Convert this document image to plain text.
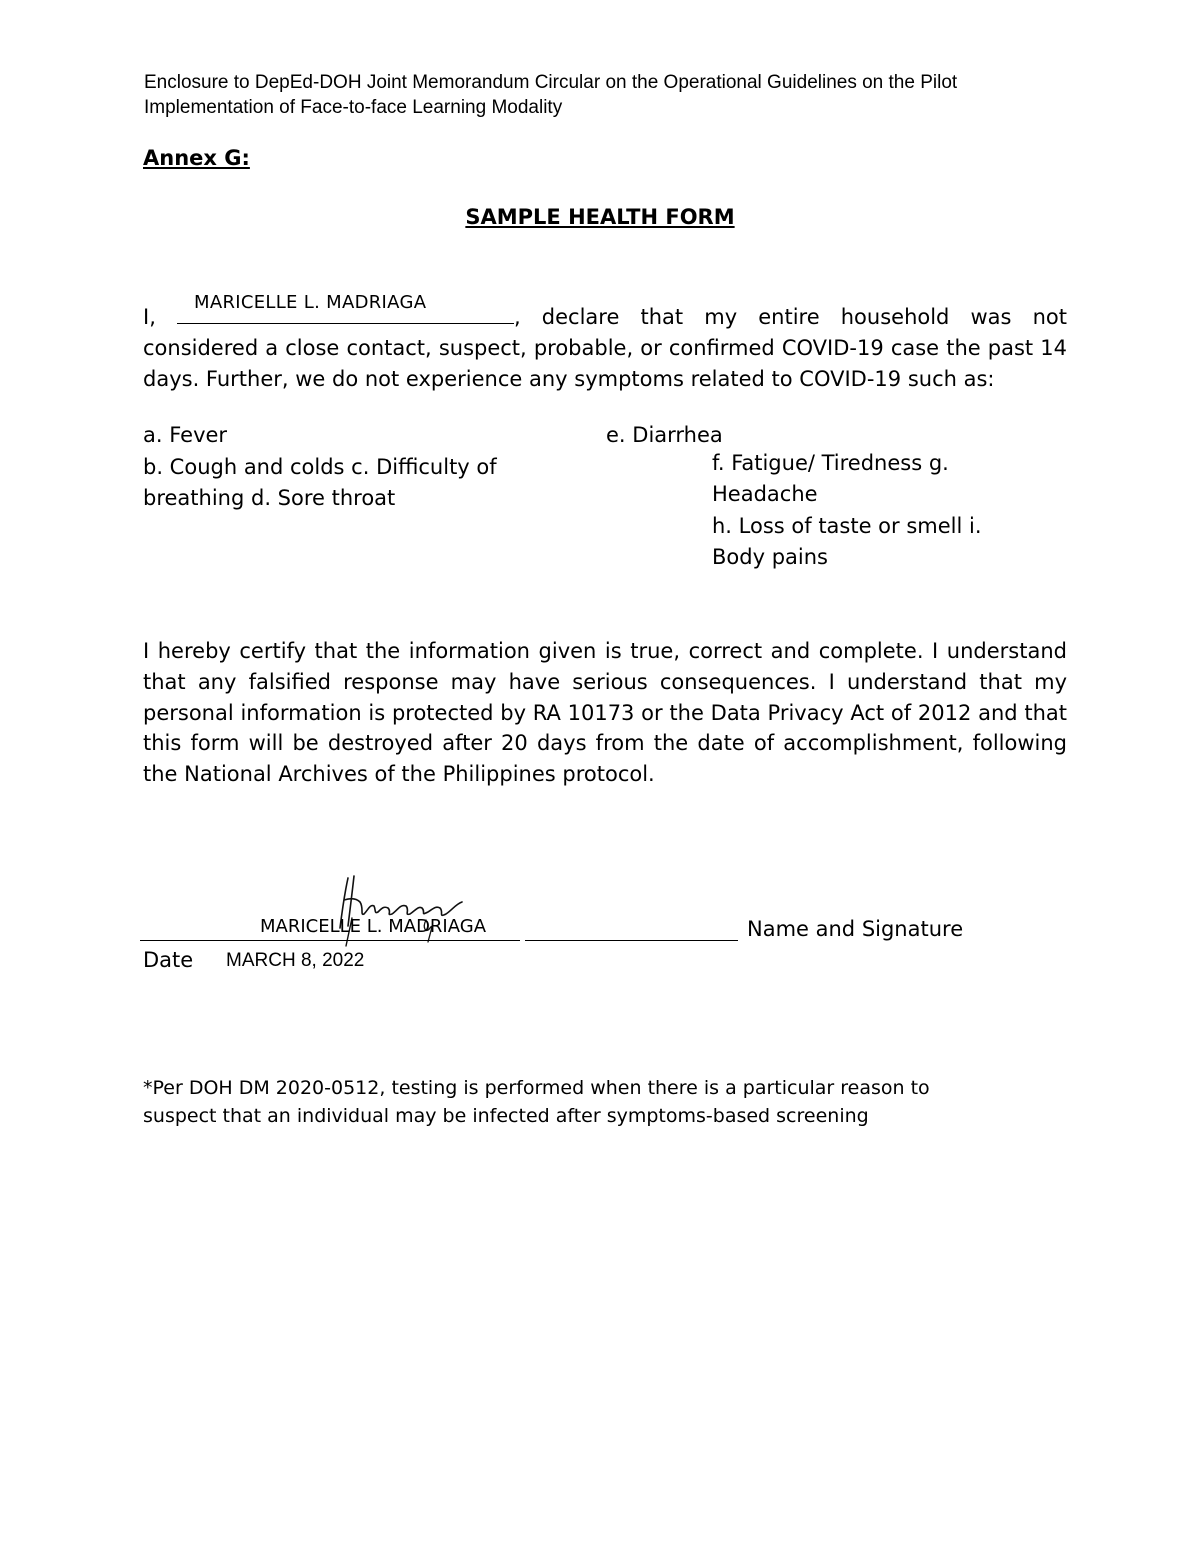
Enclosure to DepEd-DOH Joint Memorandum Circular on the Operational Guidelines on the Pilot Implementation of Face-to-face Learning Modality
Annex G:
SAMPLE HEALTH FORM
I,
MARICELLE L. MADRIAGA
, declare that my entire household was not considered a close contact, suspect, probable, or confirmed COVID-19 case the past 14 days. Further, we do not experience any symptoms related to COVID-19 such as:
a. Fever
b. Cough and colds c. Difficulty of breathing d. Sore throat
e. Diarrhea
f. Fatigue/ Tiredness g. Headache
h. Loss of taste or smell i. Body pains
I hereby certify that the information given is true, correct and complete. I understand that any falsified response may have serious consequences. I understand that my personal information is protected by RA 10173 or the Data Privacy Act of 2012 and that this form will be destroyed after 20 days from the date of accomplishment, following the National Archives of the Philippines protocol.
MARICELLE L. MADRIAGA	Name and Signature
Date MARCH 8, 2022
*Per DOH DM 2020-0512, testing is performed when there is a particular reason to suspect that an individual may be infected after symptoms-based screening
